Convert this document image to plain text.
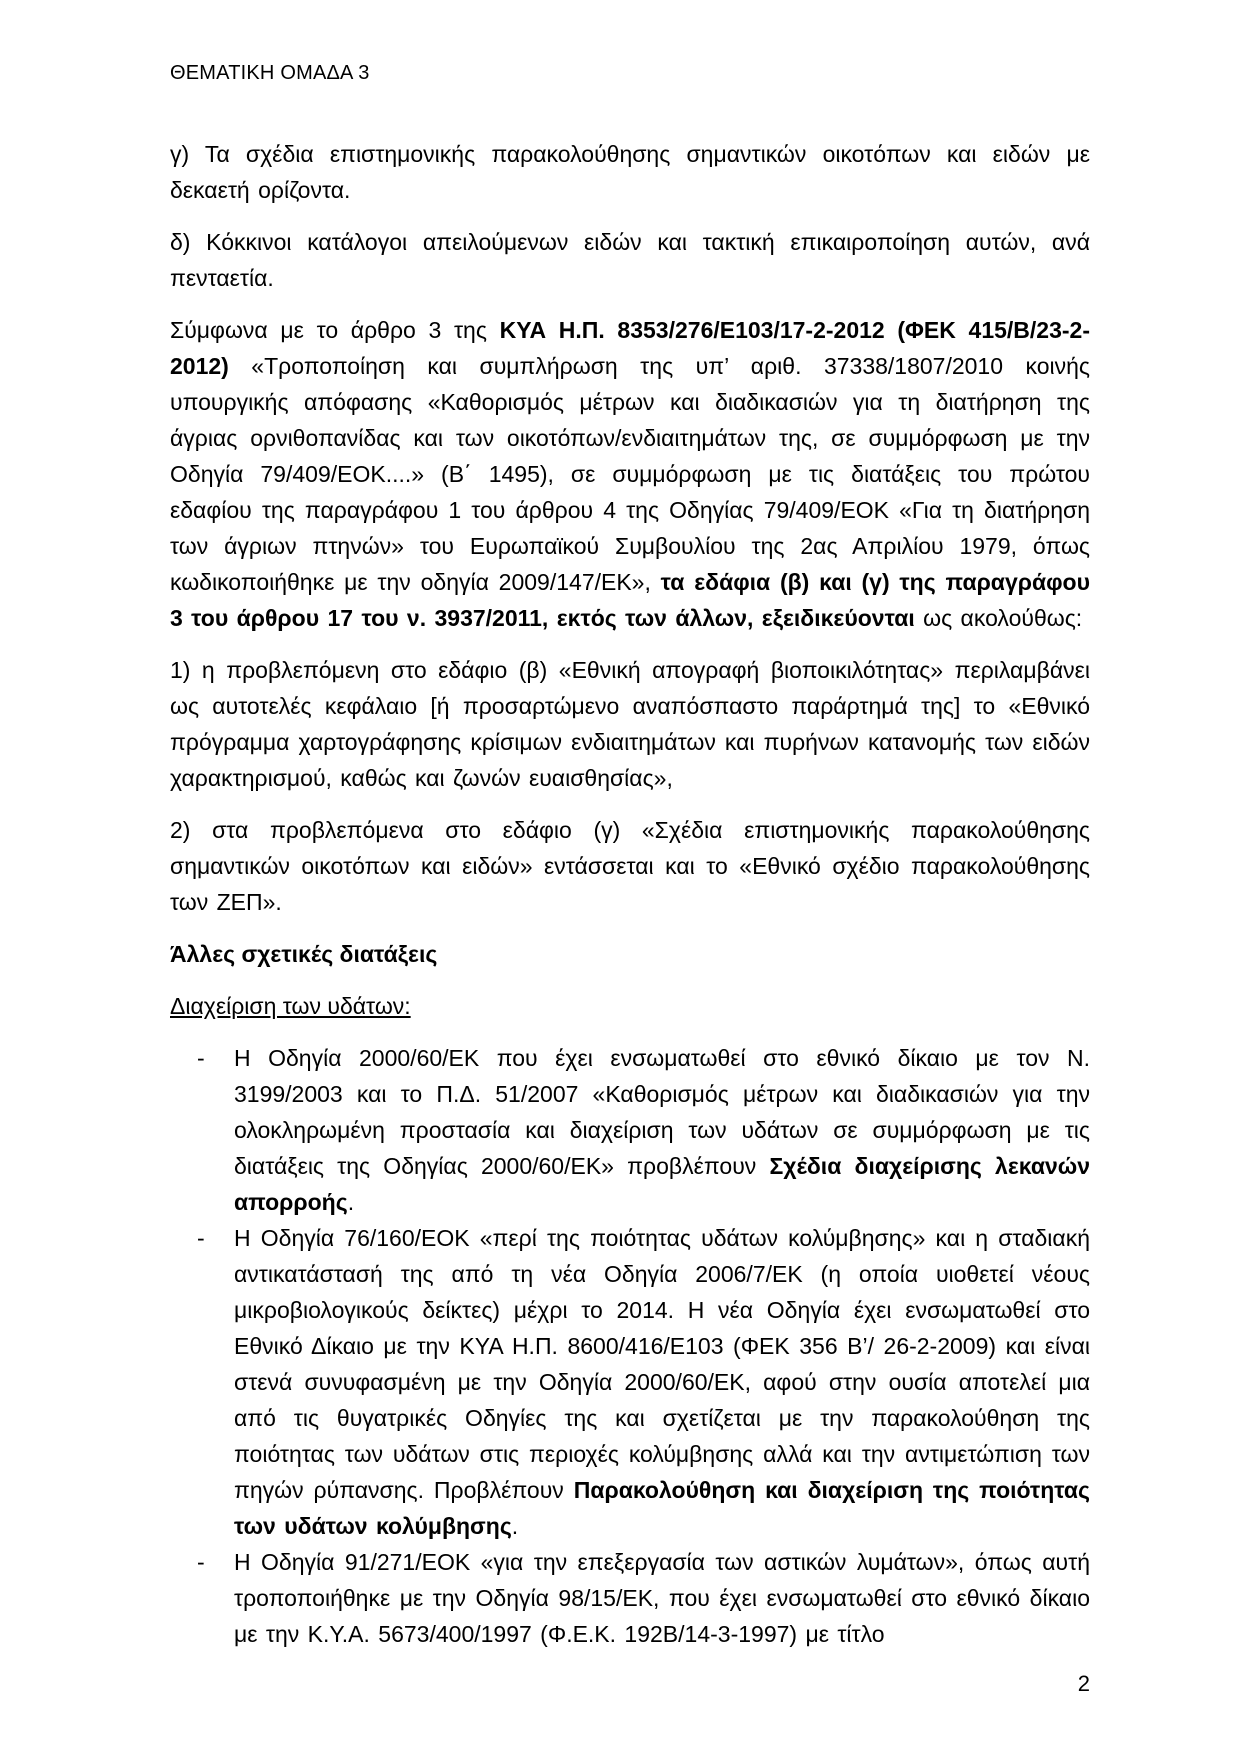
ΘΕΜΑΤΙΚΗ ΟΜΑΔΑ 3

γ) Τα σχέδια επιστημονικής παρακολούθησης σημαντικών οικοτόπων και ειδών με δεκαετή ορίζοντα.

δ) Κόκκινοι κατάλογοι απειλούμενων ειδών και τακτική επικαιροποίηση αυτών, ανά πενταετία.

Σύμφωνα με το άρθρο 3 της ΚΥΑ Η.Π. 8353/276/Ε103/17-2-2012 (ΦΕΚ 415/Β/23-2-2012) «Τροποποίηση και συμπλήρωση της υπ’ αριθ. 37338/1807/2010 κοινής υπουργικής απόφασης «Καθορισμός μέτρων και διαδικασιών για τη διατήρηση της άγριας ορνιθοπανίδας και των οικοτόπων/ενδιαιτημάτων της, σε συμμόρφωση με την Οδηγία 79/409/ΕΟΚ....» (Β΄ 1495), σε συμμόρφωση με τις διατάξεις του πρώτου εδαφίου της παραγράφου 1 του άρθρου 4 της Οδηγίας 79/409/ΕΟΚ «Για τη διατήρηση των άγριων πτηνών» του Ευρωπαϊκού Συμβουλίου της 2ας Απριλίου 1979, όπως κωδικοποιήθηκε με την οδηγία 2009/147/ΕΚ», τα εδάφια (β) και (γ) της παραγράφου 3 του άρθρου 17 του ν. 3937/2011, εκτός των άλλων, εξειδικεύονται ως ακολούθως:

1) η προβλεπόμενη στο εδάφιο (β) «Εθνική απογραφή βιοποικιλότητας» περιλαμβάνει ως αυτοτελές κεφάλαιο [ή προσαρτώμενο αναπόσπαστο παράρτημά της] το «Εθνικό πρόγραμμα χαρτογράφησης κρίσιμων ενδιαιτημάτων και πυρήνων κατανομής των ειδών χαρακτηρισμού, καθώς και ζωνών ευαισθησίας»,

2) στα προβλεπόμενα στο εδάφιο (γ) «Σχέδια επιστημονικής παρακολούθησης σημαντικών οικοτόπων και ειδών» εντάσσεται και το «Εθνικό σχέδιο παρακολούθησης των ΖΕΠ».

Άλλες σχετικές διατάξεις
Διαχείριση των υδάτων:
-	Η Οδηγία 2000/60/ΕΚ που έχει ενσωματωθεί στο εθνικό δίκαιο με τον Ν. 3199/2003 και το Π.Δ. 51/2007 «Καθορισμός μέτρων και διαδικασιών για την ολοκληρωμένη προστασία και διαχείριση των υδάτων σε συμμόρφωση με τις διατάξεις της Οδηγίας 2000/60/ΕΚ» προβλέπουν Σχέδια διαχείρισης λεκανών απορροής.
-	Η Οδηγία 76/160/ΕΟΚ «περί της ποιότητας υδάτων κολύμβησης» και η σταδιακή αντικατάστασή της από τη νέα Οδηγία 2006/7/ΕΚ (η οποία υιοθετεί νέους μικροβιολογικούς δείκτες) μέχρι το 2014. Η νέα Οδηγία έχει ενσωματωθεί στο Εθνικό Δίκαιο με την ΚΥΑ Η.Π. 8600/416/Ε103 (ΦΕΚ 356 Β’/ 26-2-2009) και είναι στενά συνυφασμένη με την Οδηγία 2000/60/ΕΚ, αφού στην ουσία αποτελεί μια από τις θυγατρικές Οδηγίες της και σχετίζεται με την παρακολούθηση της ποιότητας των υδάτων στις περιοχές κολύμβησης αλλά και την αντιμετώπιση των πηγών ρύπανσης. Προβλέπουν Παρακολούθηση και διαχείριση της ποιότητας των υδάτων κολύμβησης.
-	Η Οδηγία 91/271/ΕΟΚ «για την επεξεργασία των αστικών λυμάτων», όπως αυτή τροποποιήθηκε με την Οδηγία 98/15/ΕΚ, που έχει ενσωματωθεί στο εθνικό δίκαιο με την Κ.Υ.Α. 5673/400/1997 (Φ.Ε.Κ. 192Β/14-3-1997) με τίτλο
2
